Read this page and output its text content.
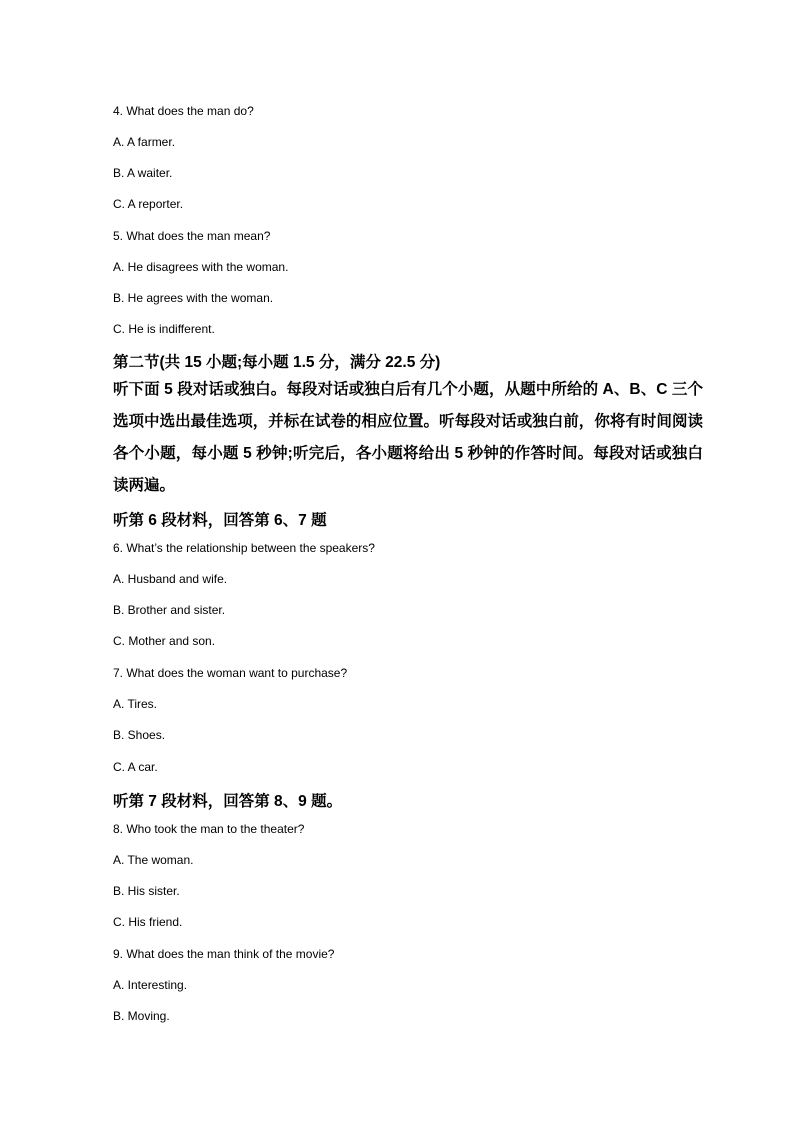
4. What does the man do?
A. A farmer.
B. A waiter.
C. A reporter.
5. What does the man mean?
A. He disagrees with the woman.
B. He agrees with the woman.
C. He is indifferent.
第二节(共 15 小题;每小题 1.5 分，满分 22.5 分)
听下面 5 段对话或独白。每段对话或独白后有几个小题，从题中所给的 A、B、C 三个选项中选出最佳选项，并标在试卷的相应位置。听每段对话或独白前，你将有时间阅读各个小题，每小题 5 秒钟;听完后，各小题将给出 5 秒钟的作答时间。每段对话或独白读两遍。
听第 6 段材料，回答第 6、7 题
6. What’s the relationship between the speakers?
A. Husband and wife.
B. Brother and sister.
C. Mother and son.
7. What does the woman want to purchase?
A. Tires.
B. Shoes.
C. A car.
听第 7 段材料，回答第 8、9 题。
8. Who took the man to the theater?
A. The woman.
B. His sister.
C. His friend.
9. What does the man think of the movie?
A. Interesting.
B. Moving.
